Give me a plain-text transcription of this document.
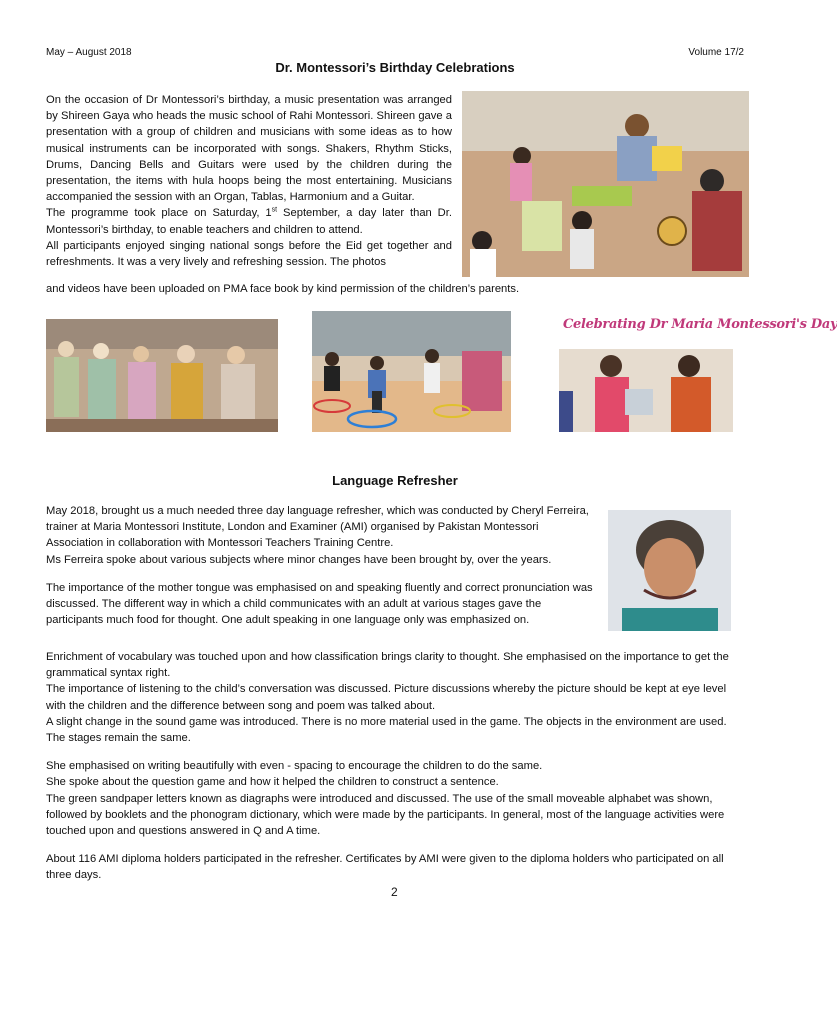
May – August 2018	Volume 17/2
Dr. Montessori’s Birthday Celebrations

On the occasion of Dr Montessori’s birthday, a music presentation was arranged by Shireen Gaya who heads the music school of Rahi Montessori. Shireen gave a presentation with a group of children and musicians with some ideas as to how musical instruments can be incorporated with songs. Shakers, Rhythm Sticks, Drums, Dancing Bells and Guitars were used by the children during the presentation, the items with hula hoops being the most entertaining. Musicians accompanied the session with an Organ, Tablas, Harmonium and a Guitar.

The programme took place on Saturday, 1st September, a day later than Dr. Montessori’s birthday, to enable teachers and children to attend.

All participants enjoyed singing national songs before the Eid get together and refreshments. It was a very lively and refreshing session. The photos

and videos have been uploaded on PMA face book by kind permission of the children’s parents.
Celebrating Dr Maria Montessori's Day
Language Refresher

May 2018, brought us a much needed three day language refresher, which was conducted by Cheryl Ferreira, trainer at Maria Montessori Institute, London and Examiner (AMI) organised by Pakistan Montessori Association in collaboration with Montessori Teachers Training Centre.

Ms Ferreira spoke about various subjects where minor changes have been brought by, over the years.

The importance of the mother tongue was emphasised on and speaking fluently and correct pronunciation was discussed. The different way in which a child communicates with an adult at various stages gave the participants much food for thought. One adult speaking in one language only was emphasized on.

Enrichment of vocabulary was touched upon and how classification brings clarity to thought. She emphasised on the importance to get the grammatical syntax right.

The importance of listening to the child’s conversation was discussed. Picture discussions whereby the picture should be kept at eye level with the children and the difference between song and poem was talked about.

A slight change in the sound game was introduced. There is no more material used in the game. The objects in the environment are used. The stages remain the same.

She emphasised on writing beautifully with even - spacing to encourage the children to do the same.

She spoke about the question game and how it helped the children to construct a sentence.

The green sandpaper letters known as diagraphs were introduced and discussed. The use of the small moveable alphabet was shown, followed by booklets and the phonogram dictionary, which were made by the participants. In general, most of the language activities were touched upon and questions answered in Q and A time.

About 116 AMI diploma holders participated in the refresher. Certificates by AMI were given to the diploma holders who participated on all three days.

2
